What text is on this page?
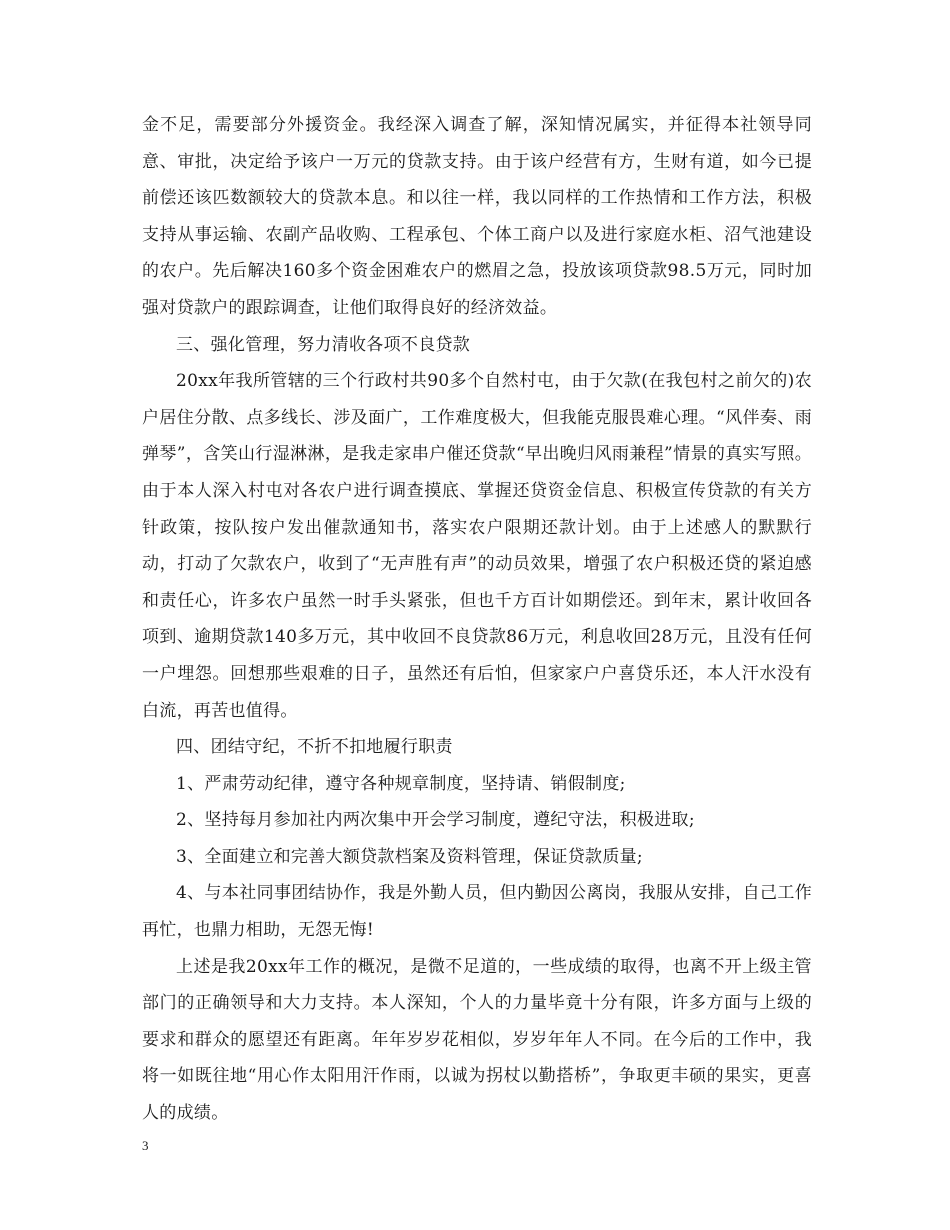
金不足，需要部分外援资金。我经深入调查了解，深知情况属实，并征得本社领导同意、审批，决定给予该户一万元的贷款支持。由于该户经营有方，生财有道，如今已提前偿还该匹数额较大的贷款本息。和以往一样，我以同样的工作热情和工作方法，积极支持从事运输、农副产品收购、工程承包、个体工商户以及进行家庭水柜、沼气池建设的农户。先后解决160多个资金困难农户的燃眉之急，投放该项贷款98.5万元，同时加强对贷款户的跟踪调查，让他们取得良好的经济效益。

三、强化管理，努力清收各项不良贷款

20xx年我所管辖的三个行政村共90多个自然村屯，由于欠款(在我包村之前欠的)农户居住分散、点多线长、涉及面广，工作难度极大，但我能克服畏难心理。“风伴奏、雨弹琴”，含笑山行湿淋淋，是我走家串户催还贷款“早出晚归风雨兼程”情景的真实写照。由于本人深入村屯对各农户进行调查摸底、掌握还贷资金信息、积极宣传贷款的有关方针政策，按队按户发出催款通知书，落实农户限期还款计划。由于上述感人的默默行动，打动了欠款农户，收到了“无声胜有声”的动员效果，增强了农户积极还贷的紧迫感和责任心，许多农户虽然一时手头紧张，但也千方百计如期偿还。到年末，累计收回各项到、逾期贷款140多万元，其中收回不良贷款86万元，利息收回28万元，且没有任何一户埋怨。回想那些艰难的日子，虽然还有后怕，但家家户户喜贷乐还，本人汗水没有白流，再苦也值得。

四、团结守纪，不折不扣地履行职责

1、严肃劳动纪律，遵守各种规章制度，坚持请、销假制度;

2、坚持每月参加社内两次集中开会学习制度，遵纪守法，积极进取;

3、全面建立和完善大额贷款档案及资料管理，保证贷款质量;

4、与本社同事团结协作，我是外勤人员，但内勤因公离岗，我服从安排，自己工作再忙，也鼎力相助，无怨无悔!

上述是我20xx年工作的概况，是微不足道的，一些成绩的取得，也离不开上级主管部门的正确领导和大力支持。本人深知，个人的力量毕竟十分有限，许多方面与上级的要求和群众的愿望还有距离。年年岁岁花相似，岁岁年年人不同。在今后的工作中，我将一如既往地“用心作太阳用汗作雨，以诚为拐杖以勤搭桥”，争取更丰硕的果实，更喜人的成绩。

3
